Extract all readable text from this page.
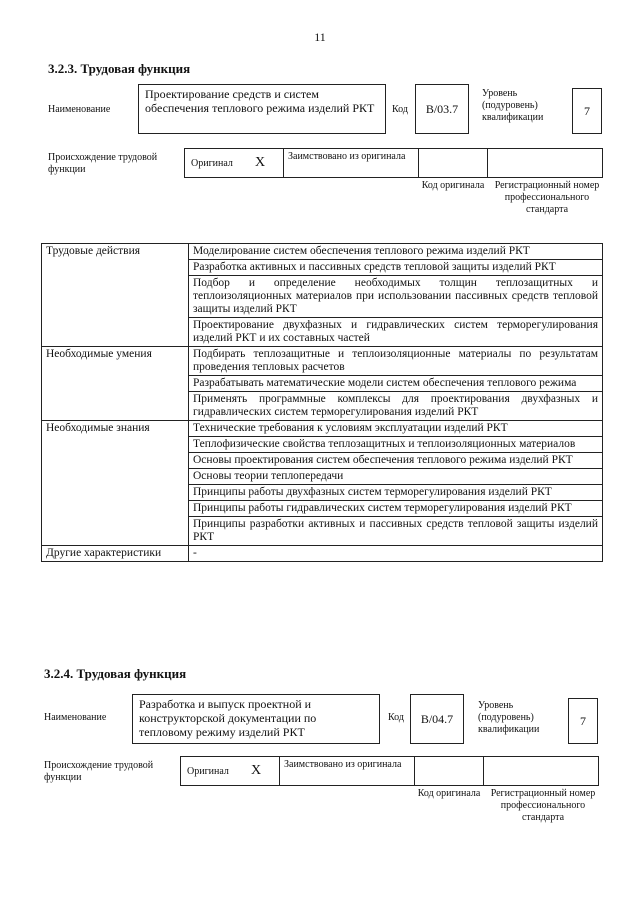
11
3.2.3. Трудовая функция
Наименование
Проектирование средств и систем обеспечения теплового режима изделий РКТ	Код	B/03.7
Уровень (подуровень) квалификации	7
Происхождение трудовой функции
Оригинал X Заимствовано из оригинала
Код оригинала	Регистрационный номер профессионального стандарта
Трудовые действия	Моделирование систем обеспечения теплового режима изделий РКТ
	Разработка активных и пассивных средств тепловой защиты изделий РКТ
	Подбор и определение необходимых толщин теплозащитных и теплоизоляционных материалов при использовании пассивных средств тепловой защиты изделий РКТ
	Проектирование двухфазных и гидравлических систем терморегулирования изделий РКТ и их составных частей
Необходимые умения	Подбирать теплозащитные и теплоизоляционные материалы по результатам проведения тепловых расчетов
	Разрабатывать математические модели систем обеспечения теплового режима
	Применять программные комплексы для проектирования двухфазных и гидравлических систем терморегулирования изделий РКТ
Необходимые знания	Технические требования к условиям эксплуатации изделий РКТ
	Теплофизические свойства теплозащитных и теплоизоляционных материалов
	Основы проектирования систем обеспечения теплового режима изделий РКТ
	Основы теории теплопередачи
	Принципы работы двухфазных систем терморегулирования изделий РКТ
	Принципы работы гидравлических систем терморегулирования изделий РКТ
	Принципы разработки активных и пассивных средств тепловой защиты изделий РКТ
Другие характеристики	-
3.2.4. Трудовая функция
Наименование
Разработка и выпуск проектной и конструкторской документации по тепловому режиму изделий РКТ
Код	B/04.7
Уровень (подуровень) квалификации
7
Происхождение трудовой функции
Оригинал X Заимствовано из оригинала
Код оригинала	Регистрационный номер профессионального стандарта
